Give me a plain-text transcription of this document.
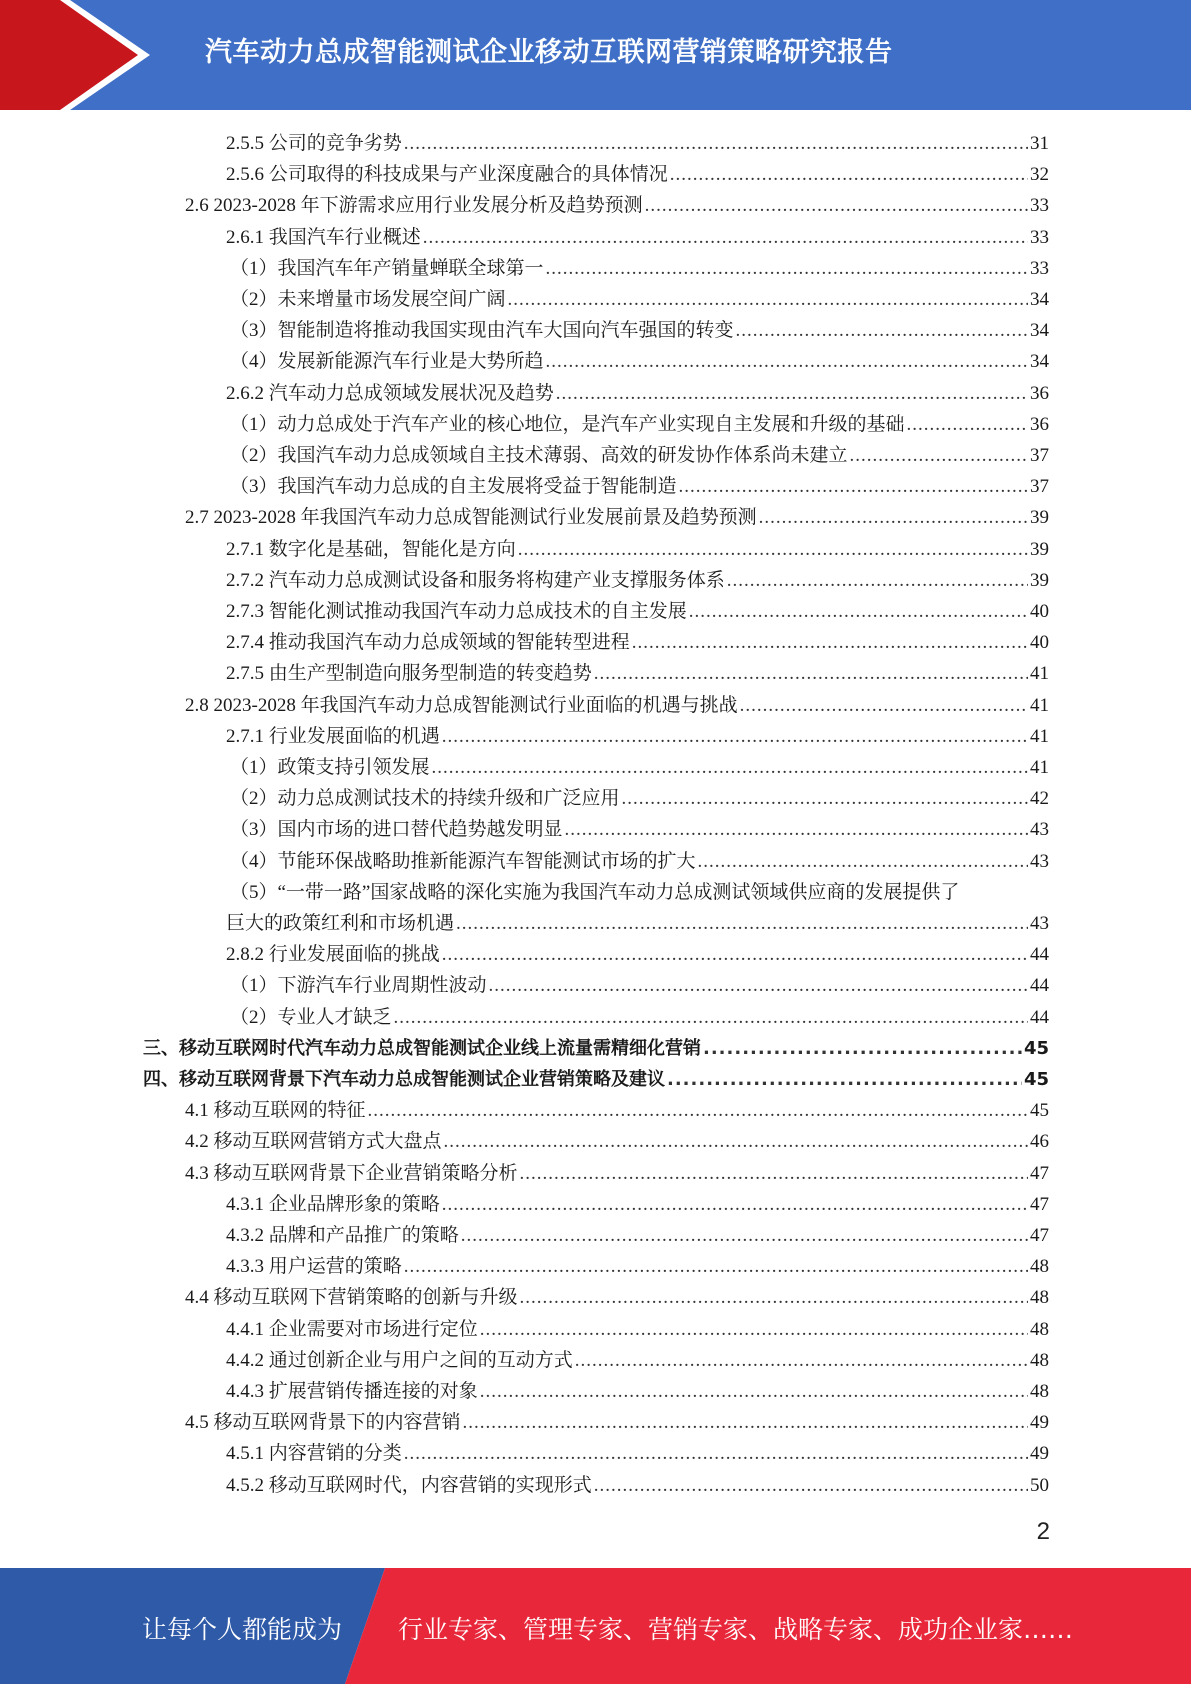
汽车动力总成智能测试企业移动互联网营销策略研究报告
2.5.5 公司的竞争劣势 .....	31
2.5.6 公司取得的科技成果与产业深度融合的具体情况 .....	32
2.6 2023-2028 年下游需求应用行业发展分析及趋势预测 .....	33
2.6.1 我国汽车行业概述 .....	33
（1）我国汽车年产销量蝉联全球第一 .....	33
（2）未来增量市场发展空间广阔 .....	34
（3）智能制造将推动我国实现由汽车大国向汽车强国的转变 .....	34
（4）发展新能源汽车行业是大势所趋 .....	34
2.6.2 汽车动力总成领域发展状况及趋势 .....	36
（1）动力总成处于汽车产业的核心地位，是汽车产业实现自主发展和升级的基础 .....	36
（2）我国汽车动力总成领域自主技术薄弱、高效的研发协作体系尚未建立 .....	37
（3）我国汽车动力总成的自主发展将受益于智能制造 .....	37
2.7 2023-2028 年我国汽车动力总成智能测试行业发展前景及趋势预测 .....	39
2.7.1 数字化是基础，智能化是方向 .....	39
2.7.2 汽车动力总成测试设备和服务将构建产业支撑服务体系 .....	39
2.7.3 智能化测试推动我国汽车动力总成技术的自主发展 .....	40
2.7.4 推动我国汽车动力总成领域的智能转型进程 .....	40
2.7.5 由生产型制造向服务型制造的转变趋势 .....	41
2.8 2023-2028 年我国汽车动力总成智能测试行业面临的机遇与挑战 .....	41
2.7.1 行业发展面临的机遇 .....	41
（1）政策支持引领发展 .....	41
（2）动力总成测试技术的持续升级和广泛应用 .....	42
（3）国内市场的进口替代趋势越发明显 .....	43
（4）节能环保战略助推新能源汽车智能测试市场的扩大 .....	43
（5）“一带一路”国家战略的深化实施为我国汽车动力总成测试领域供应商的发展提供了
巨大的政策红利和市场机遇 .....	43
2.8.2 行业发展面临的挑战 .....	44
（1）下游汽车行业周期性波动 .....	44
（2）专业人才缺乏 .....	44
三、移动互联网时代汽车动力总成智能测试企业线上流量需精细化营销 .....	45
四、移动互联网背景下汽车动力总成智能测试企业营销策略及建议 .....	45
4.1 移动互联网的特征 .....	45
4.2 移动互联网营销方式大盘点 .....	46
4.3 移动互联网背景下企业营销策略分析 .....	47
4.3.1 企业品牌形象的策略 .....	47
4.3.2 品牌和产品推广的策略 .....	47
4.3.3 用户运营的策略 .....	48
4.4 移动互联网下营销策略的创新与升级 .....	48
4.4.1 企业需要对市场进行定位 .....	48
4.4.2 通过创新企业与用户之间的互动方式 .....	48
4.4.3 扩展营销传播连接的对象 .....	48
4.5 移动互联网背景下的内容营销 .....	49
4.5.1 内容营销的分类 .....	49
4.5.2 移动互联网时代，内容营销的实现形式 .....	50
2
让每个人都能成为 行业专家、管理专家、营销专家、战略专家、成功企业家……
